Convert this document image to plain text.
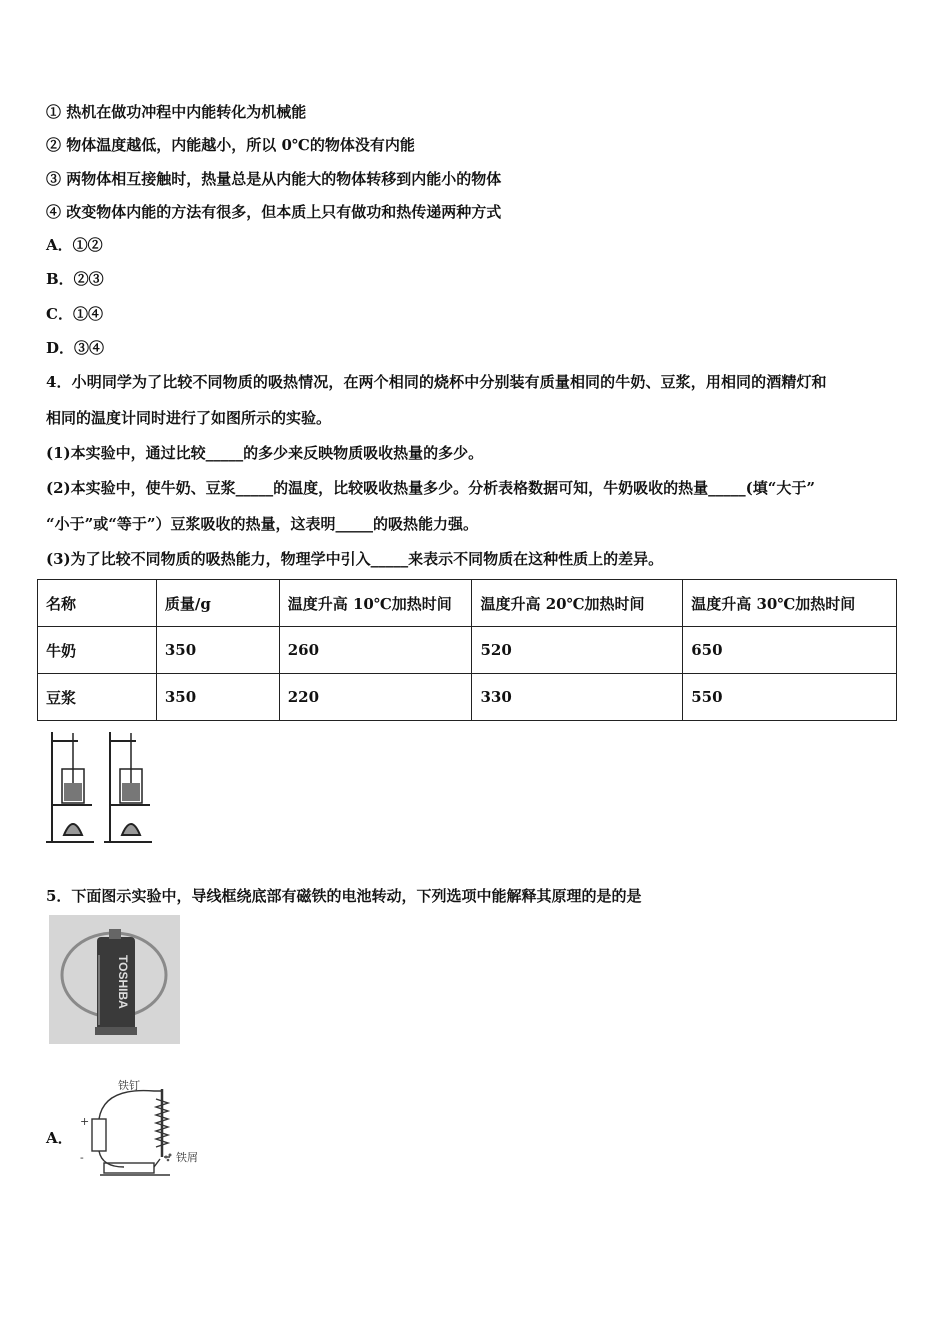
① 热机在做功冲程中内能转化为机械能
② 物体温度越低，内能越小，所以 0℃的物体没有内能
③ 两物体相互接触时，热量总是从内能大的物体转移到内能小的物体
④ 改变物体内能的方法有很多，但本质上只有做功和热传递两种方式
A．①②
B．②③
C．①④
D．③④
4．小明同学为了比较不同物质的吸热情况，在两个相同的烧杯中分别装有质量相同的牛奶、豆浆，用相同的酒精灯和
相同的温度计同时进行了如图所示的实验。
(1)本实验中，通过比较_____的多少来反映物质吸收热量的多少。
(2)本实验中，使牛奶、豆浆_____的温度，比较吸收热量多少。分析表格数据可知，牛奶吸收的热量_____(填“大于”
“小于”或“等于”）豆浆吸收的热量，这表明_____的吸热能力强。
(3)为了比较不同物质的吸热能力，物理学中引入_____来表示不同物质在这种性质上的差异。
名称	质量/g	温度升高 10℃加热时间	温度升高 20℃加热时间	温度升高 30℃加热时间
牛奶	350	260	520	650
豆浆	350	220	330	550
5．下面图示实验中，导线框绕底部有磁铁的电池转动，下列选项中能解释其原理的是的是
TOSHIBA
A．
铁钉
铁屑
+
-
